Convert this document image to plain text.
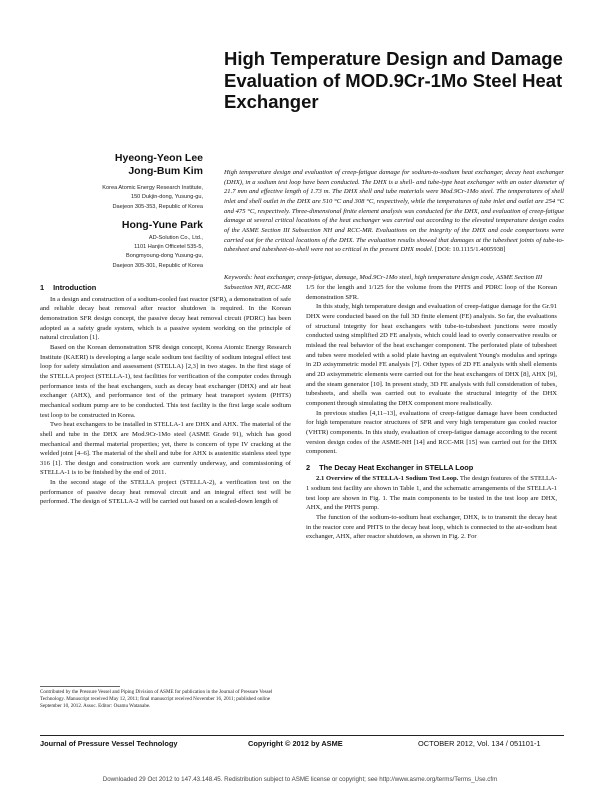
High Temperature Design and Damage Evaluation of MOD.9Cr-1Mo Steel Heat Exchanger
Hyeong-Yeon Lee
Jong-Bum Kim
Korea Atomic Energy Research Institute,
150 Dukjin-dong, Yusung-gu,
Daejeon 305-353, Republic of Korea
Hong-Yune Park
AD-Solution Co., Ltd.,
1101 Hanjin Officetel 535-5,
Bongmyoung-dong Yusung-gu,
Daejeon 305-301, Republic of Korea
High temperature design and evaluation of creep-fatigue damage for sodium-to-sodium heat exchanger, decay heat exchanger (DHX), in a sodium test loop have been conducted. The DHX is a shell- and tube-type heat exchanger with an outer diameter of 21.7 mm and effective length of 1.73 m. The DHX shell and tube materials were Mod.9Cr-1Mo steel. The temperatures of shell inlet and shell outlet in the DHX are 510 °C and 308 °C, respectively, while the temperatures of tube inlet and outlet are 254 °C and 475 °C, respectively. Three-dimensional finite element analysis was conducted for the DHX, and evaluation of creep-fatigue damage at several critical locations of the heat exchanger was carried out according to the elevated temperature design codes of the ASME Section III Subsection NH and RCC-MR. Evaluations on the integrity of the DHX and code comparisons were carried out for the critical locations of the DHX. The evaluation results showed that damages at the tubesheet joints of tube-to-tubesheet and tubesheet-to-shell were not so critical in the present DHX model. [DOI: 10.1115/1.4005938]
Keywords: heat exchanger, creep-fatigue, damage, Mod.9Cr-1Mo steel, high temperature design code, ASME Section III Subsection NH, RCC-MR
1 Introduction

In a design and construction of a sodium-cooled fast reactor (SFR), a demonstration of safe and reliable decay heat removal after reactor shutdown is required. In the Korean demonstration SFR design concept, the passive decay heat removal circuit (PDRC) has been adopted as a safety grade system, which is a passive system working on the principle of natural circulation [1].

Based on the Korean demonstration SFR design concept, Korea Atomic Energy Research Institute (KAERI) is developing a large scale sodium test facility of sodium integral effect test loop for safety simulation and assessment (STELLA) [2,3] in two stages. In the first stage of the STELLA project (STELLA-1), test facilities for verification of the computer codes through performance tests of the heat exchangers, such as decay heat exchanger (DHX) and air heat exchanger (AHX), and performance test of the primary heat transport system (PHTS) mechanical sodium pump are to be conducted. This test facility is the first large scale sodium test loop to be constructed in Korea.

Two heat exchangers to be installed in STELLA-1 are DHX and AHX. The material of the shell and tube in the DHX are Mod.9Cr-1Mo steel (ASME Grade 91), which has good mechanical and thermal material properties; yet, there is concern of type IV cracking at the welded joint [4–6]. The material of the shell and tube for AHX is austenitic stainless steel type 316 [1]. The design and construction work are currently underway, and commissioning of STELLA-1 is to be finished by the end of 2011.

In the second stage of the STELLA project (STELLA-2), a verification test on the performance of passive decay heat removal circuit and an integral effect test will be performed. The design of STELLA-2 will be carried out based on a scaled-down length of

1/5 for the length and 1/125 for the volume from the PHTS and PDRC loop of the Korean demonstration SFR.

In this study, high temperature design and evaluation of creep-fatigue damage for the Gr.91 DHX were conducted based on the full 3D finite element (FE) analysis. So far, the evaluations of structural integrity for heat exchangers with tube-to-tubesheet junctions were mostly conducted using simplified 2D FE analysis, which could lead to overly conservative results or mislead the real behavior of the heat exchanger component. The perforated plate of tubesheet and tubes were modeled with a solid plate having an equivalent Young's modulus and springs in 2D axisymmetric model FE analysis [7]. Other types of 2D FE analysis with shell elements and 2D axisymmetric elements were carried out for the heat exchangers of DHX [8], AHX [9], and the steam generator [10]. In present study, 3D FE analysis with full consideration of tubes, tubesheets, and shells was carried out to evaluate the structural integrity of the DHX component through simulating the DHX component more realistically.

In previous studies [4,11–13], evaluations of creep-fatigue damage have been conducted for high temperature reactor structures of SFR and very high temperature gas cooled reactor (VHTR) components. In this study, evaluation of creep-fatigue damage according to the recent version design codes of the ASME-NH [14] and RCC-MR [15] was carried out for the DHX component.

2 The Decay Heat Exchanger in STELLA Loop

2.1 Overview of the STELLA-1 Sodium Test Loop. The design features of the STELLA-1 sodium test facility are shown in Table 1, and the schematic arrangements of the STELLA-1 test loop are shown in Fig. 1. The main components to be tested in the test loop are DHX, AHX, and the PHTS pump.

The function of the sodium-to-sodium heat exchanger, DHX, is to transmit the decay heat in the reactor core and PHTS to the decay heat loop, which is connected to the air-sodium heat exchanger, AHX, after reactor shutdown, as shown in Fig. 2. For

Contributed by the Pressure Vessel and Piping Division of ASME for publication in the Journal of Pressure Vessel Technology. Manuscript received May 12, 2011; final manuscript received November 16, 2011; published online September 10, 2012. Assoc. Editor: Osamu Watanabe.
Journal of Pressure Vessel Technology	Copyright © 2012 by ASME	OCTOBER 2012, Vol. 134 / 051101-1
Downloaded 29 Oct 2012 to 147.43.148.45. Redistribution subject to ASME license or copyright; see http://www.asme.org/terms/Terms_Use.cfm
